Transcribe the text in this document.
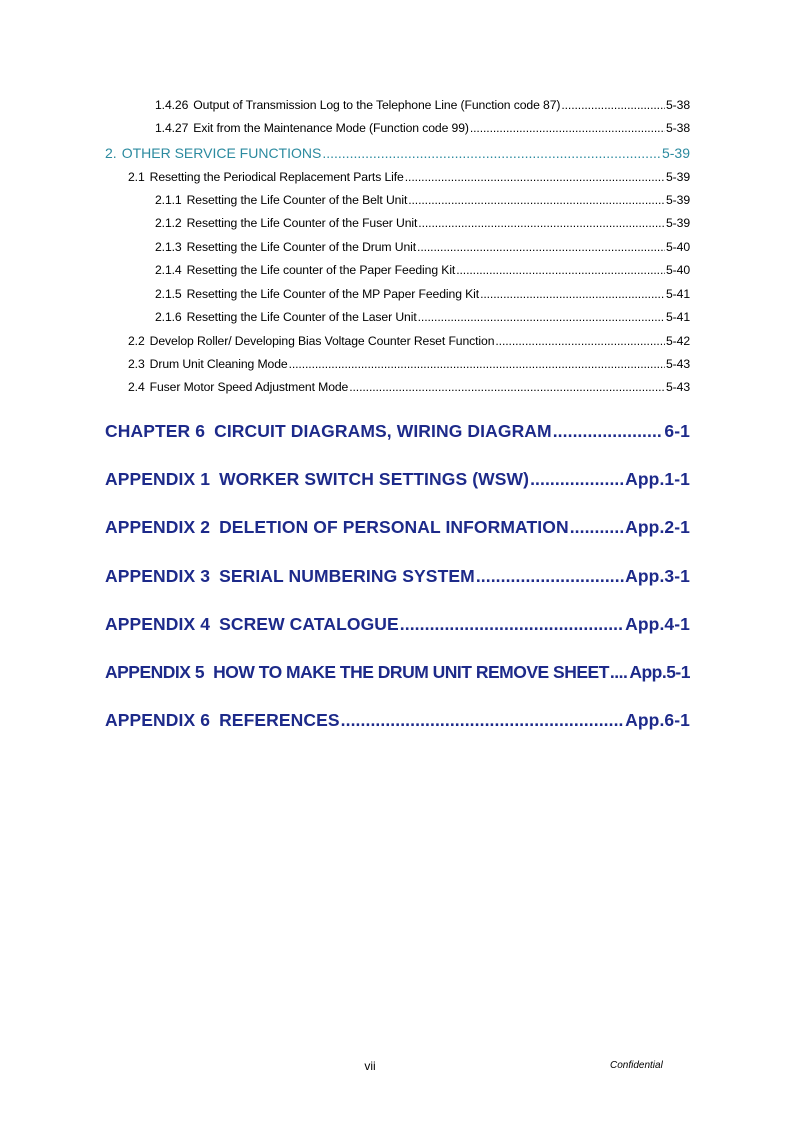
1.4.26 Output of Transmission Log to the Telephone Line (Function code 87) .....	5-38
1.4.27 Exit from the Maintenance Mode (Function code 99) .....	5-38
2. OTHER SERVICE FUNCTIONS .....	5-39
2.1 Resetting the Periodical Replacement Parts Life .....	5-39
2.1.1 Resetting the Life Counter of the Belt Unit .....	5-39
2.1.2 Resetting the Life Counter of the Fuser Unit .....	5-39
2.1.3 Resetting the Life Counter of the Drum Unit .....	5-40
2.1.4 Resetting the Life counter of the Paper Feeding Kit .....	5-40
2.1.5 Resetting the Life Counter of the MP Paper Feeding Kit .....	5-41
2.1.6 Resetting the Life Counter of the Laser Unit .....	5-41
2.2 Develop Roller/ Developing Bias Voltage Counter Reset Function .....	5-42
2.3 Drum Unit Cleaning Mode .....	5-43
2.4 Fuser Motor Speed Adjustment Mode .....	5-43
CHAPTER 6 CIRCUIT DIAGRAMS, WIRING DIAGRAM .....	6-1
APPENDIX 1 WORKER SWITCH SETTINGS (WSW) .....	App.1-1
APPENDIX 2 DELETION OF PERSONAL INFORMATION .....	App.2-1
APPENDIX 3 SERIAL NUMBERING SYSTEM .....	App.3-1
APPENDIX 4 SCREW CATALOGUE .....	App.4-1
APPENDIX 5 HOW TO MAKE THE DRUM UNIT REMOVE SHEET ..... App.5-1
APPENDIX 6 REFERENCES .....	App.6-1
vii	Confidential
